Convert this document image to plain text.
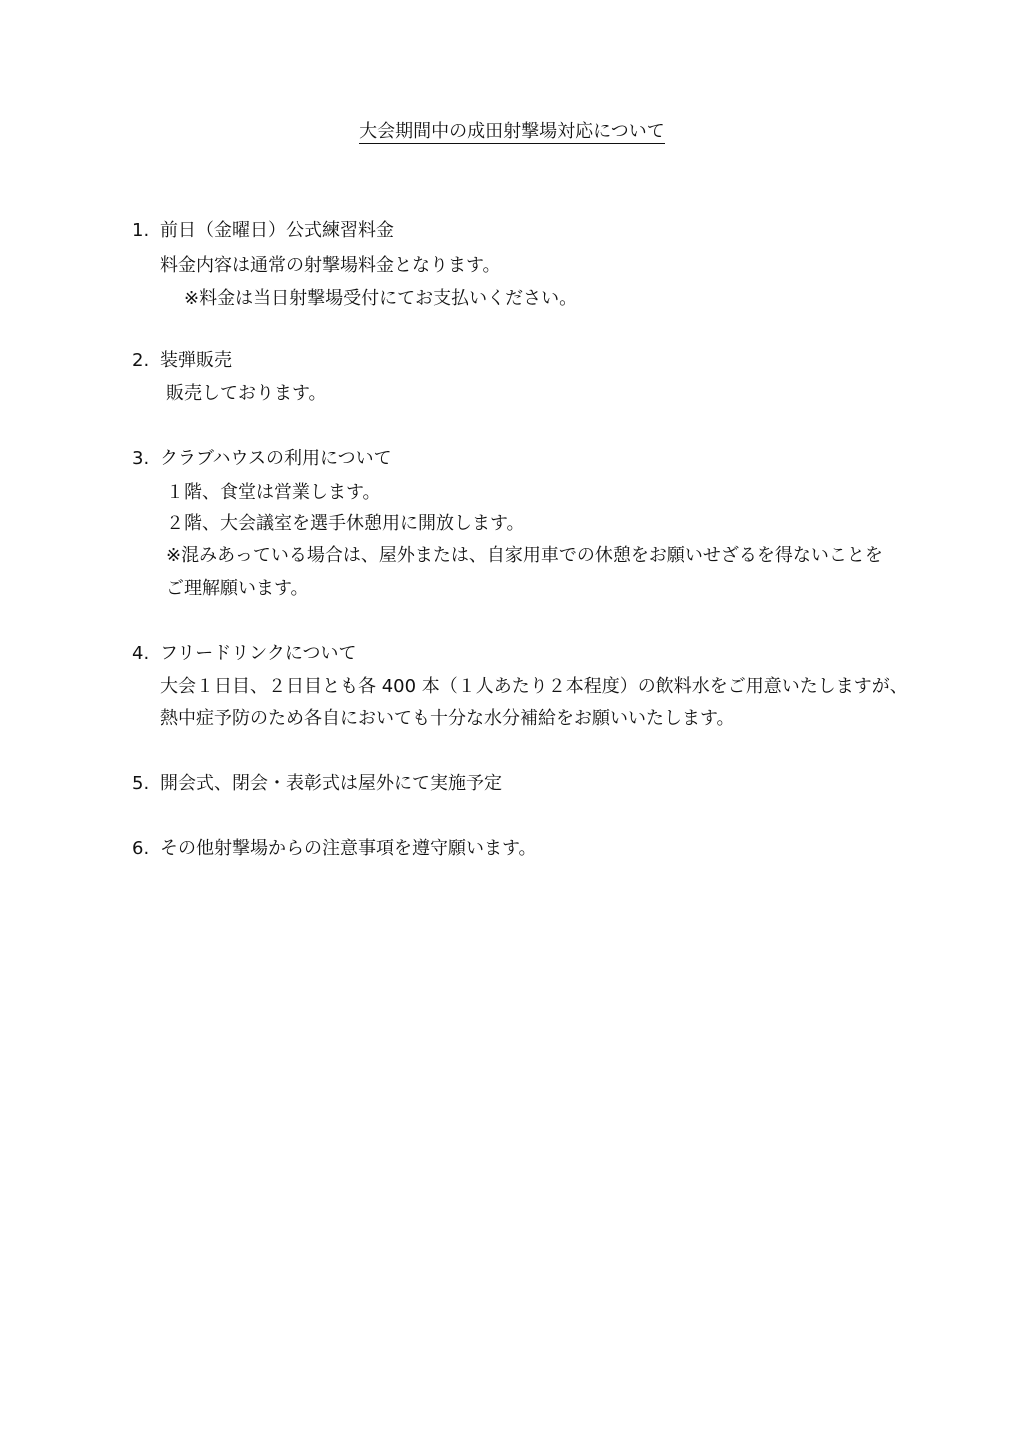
大会期間中の成田射撃場対応について
1. 前日（金曜日）公式練習料金
料金内容は通常の射撃場料金となります。
※料金は当日射撃場受付にてお支払いください。
2. 装弾販売
販売しております。
3. クラブハウスの利用について
１階、食堂は営業します。
２階、大会議室を選手休憩用に開放します。
※混みあっている場合は、屋外または、自家用車での休憩をお願いせざるを得ないことを
ご理解願います。
4. フリードリンクについて
大会１日目、２日目とも各 400 本（１人あたり２本程度）の飲料水をご用意いたしますが、
熱中症予防のため各自においても十分な水分補給をお願いいたします。
5. 開会式、閉会・表彰式は屋外にて実施予定
6. その他射撃場からの注意事項を遵守願います。
